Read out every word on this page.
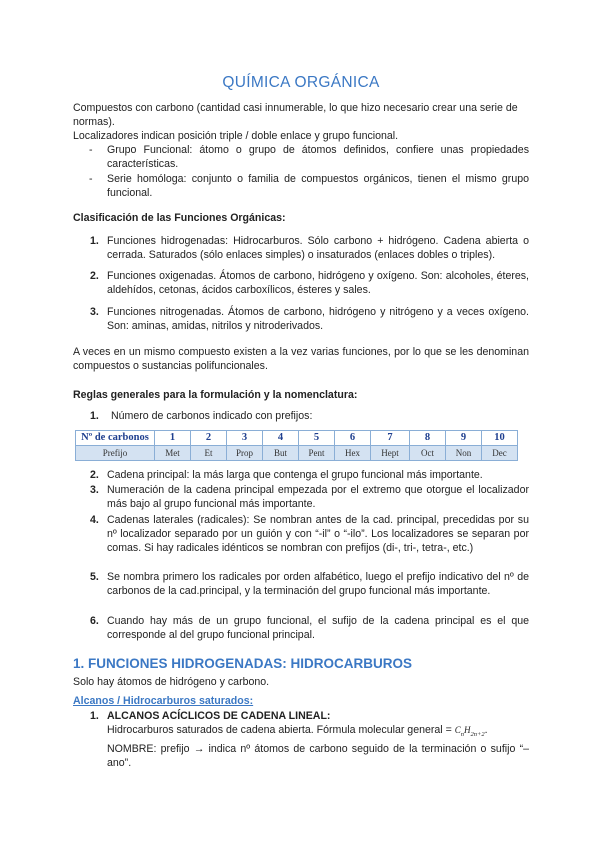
QUÍMICA ORGÁNICA

Compuestos con carbono (cantidad casi innumerable, lo que hizo necesario crear una serie de normas).

Localizadores indican posición triple / doble enlace y grupo funcional.

- Grupo Funcional: átomo o grupo de átomos definidos, confiere unas propiedades características.

- Serie homóloga: conjunto o familia de compuestos orgánicos, tienen el mismo grupo funcional.

Clasificación de las Funciones Orgánicas:

1. Funciones hidrogenadas: Hidrocarburos. Sólo carbono + hidrógeno. Cadena abierta o cerrada. Saturados (sólo enlaces simples) o insaturados (enlaces dobles o triples).

2. Funciones oxigenadas. Átomos de carbono, hidrógeno y oxígeno. Son: alcoholes, éteres, aldehídos, cetonas, ácidos carboxílicos, ésteres y sales.

3. Funciones nitrogenadas. Átomos de carbono, hidrógeno y nitrógeno y a veces oxígeno. Son: aminas, amidas, nitrilos y nitroderivados.

A veces en un mismo compuesto existen a la vez varias funciones, por lo que se les denominan compuestos o sustancias polifuncionales.

Reglas generales para la formulación y la nomenclatura:

1.	Número de carbonos indicado con prefijos:

Nº de carbonos	1	2	3	4	5	6	7	8	9	10
Prefijo	Met	Et	Prop	But	Pent	Hex	Hept	Oct	Non	Dec
2. Cadena principal: la más larga que contenga el grupo funcional más importante.

3. Numeración de la cadena principal empezada por el extremo que otorgue el localizador más bajo al grupo funcional más importante.

4. Cadenas laterales (radicales): Se nombran antes de la cad. principal, precedidas por su nº localizador separado por un guión y con “-il” o “-ilo”. Los localizadores se separan por comas. Si hay radicales idénticos se nombran con prefijos (di-, tri-, tetra-, etc.)

5. Se nombra primero los radicales por orden alfabético, luego el prefijo indicativo del nº de carbonos de la cad.principal, y la terminación del grupo funcional más importante.

6. Cuando hay más de un grupo funcional, el sufijo de la cadena principal es el que corresponde al del grupo funcional principal.

1. FUNCIONES HIDROGENADAS: HIDROCARBUROS

Solo hay átomos de hidrógeno y carbono.

Alcanos / Hidrocarburos saturados:

1. ALCANOS ACÍCLICOS DE CADENA LINEAL:

Hidrocarburos saturados de cadena abierta. Fórmula molecular general = $C_nH_{2n+2}$.

NOMBRE: prefijo → indica nº átomos de carbono seguido de la terminación o sufijo “–ano”.
